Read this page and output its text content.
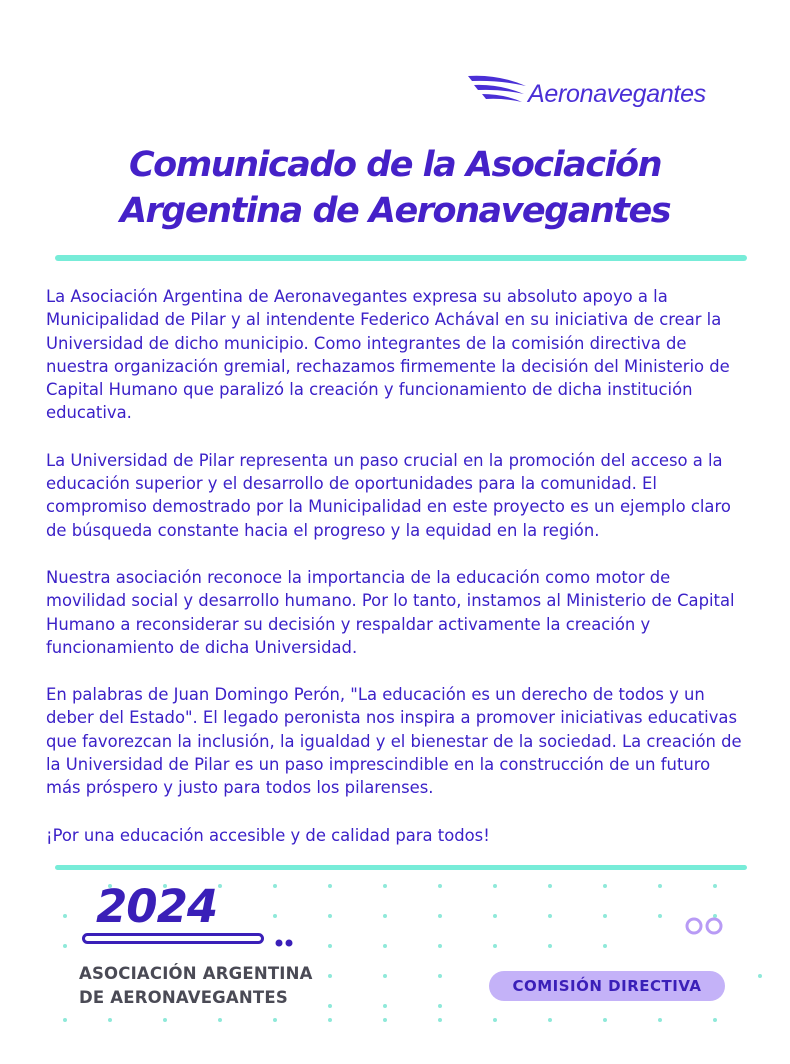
Aeronavegantes
Comunicado de la Asociación
Argentina de Aeronavegantes

La Asociación Argentina de Aeronavegantes expresa su absoluto apoyo a la Municipalidad de Pilar y al intendente Federico Achával en su iniciativa de crear la Universidad de dicho municipio. Como integrantes de la comisión directiva de nuestra organización gremial, rechazamos firmemente la decisión del Ministerio de Capital Humano que paralizó la creación y funcionamiento de dicha institución educativa.

La Universidad de Pilar representa un paso crucial en la promoción del acceso a la educación superior y el desarrollo de oportunidades para la comunidad. El compromiso demostrado por la Municipalidad en este proyecto es un ejemplo claro de búsqueda constante hacia el progreso y la equidad en la región.

Nuestra asociación reconoce la importancia de la educación como motor de movilidad social y desarrollo humano. Por lo tanto, instamos al Ministerio de Capital Humano a reconsiderar su decisión y respaldar activamente la creación y funcionamiento de dicha Universidad.

En palabras de Juan Domingo Perón, "La educación es un derecho de todos y un deber del Estado". El legado peronista nos inspira a promover iniciativas educativas que favorezcan la inclusión, la igualdad y el bienestar de la sociedad. La creación de la Universidad de Pilar es un paso imprescindible en la construcción de un futuro más próspero y justo para todos los pilarenses.

¡Por una educación accesible y de calidad para todos!

2024
ASOCIACIÓN ARGENTINA
DE AERONAVEGANTES
COMISIÓN DIRECTIVA
